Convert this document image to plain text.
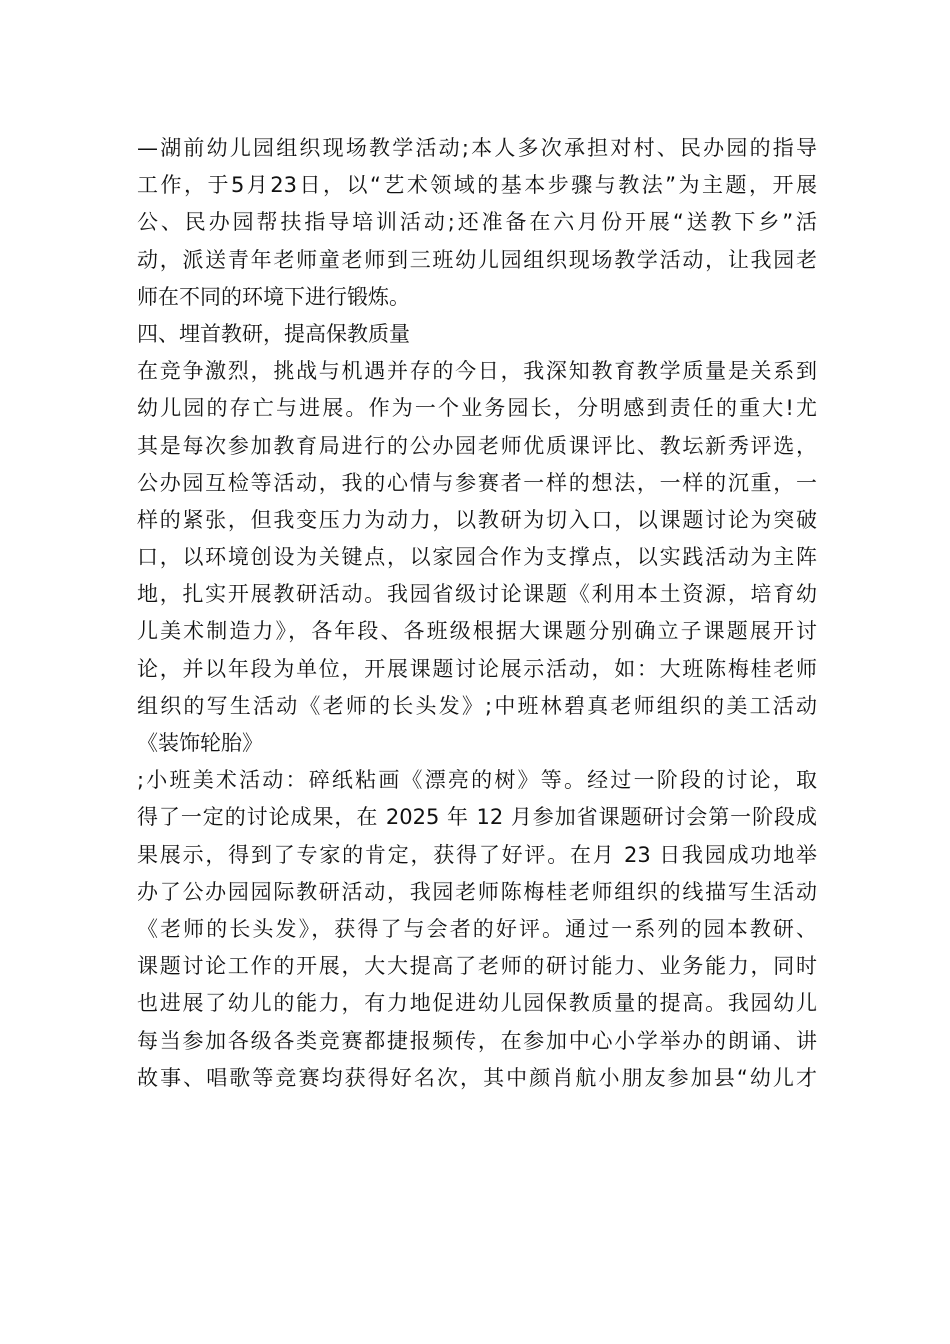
—湖前幼儿园组织现场教学活动;本人多次承担对村、民办园的指导
工作，于5月23日，以“艺术领域的基本步骤与教法”为主题，开展
公、民办园帮扶指导培训活动;还准备在六月份开展“送教下乡”活
动，派送青年老师童老师到三班幼儿园组织现场教学活动，让我园老
师在不同的环境下进行锻炼。
四、埋首教研，提高保教质量
在竞争激烈，挑战与机遇并存的今日，我深知教育教学质量是关系到
幼儿园的存亡与进展。作为一个业务园长，分明感到责任的重大!尤
其是每次参加教育局进行的公办园老师优质课评比、教坛新秀评选，
公办园互检等活动，我的心情与参赛者一样的想法，一样的沉重，一
样的紧张，但我变压力为动力，以教研为切入口，以课题讨论为突破
口，以环境创设为关键点，以家园合作为支撑点，以实践活动为主阵
地，扎实开展教研活动。我园省级讨论课题《利用本土资源，培育幼
儿美术制造力》，各年段、各班级根据大课题分别确立子课题展开讨
论，并以年段为单位，开展课题讨论展示活动，如：大班陈梅桂老师
组织的写生活动《老师的长头发》;中班林碧真老师组织的美工活动
《装饰轮胎》
;小班美术活动：碎纸粘画《漂亮的树》等。经过一阶段的讨论，取
得了一定的讨论成果，在 2025 年 12 月参加省课题研讨会第一阶段成
果展示，得到了专家的肯定，获得了好评。在月 23 日我园成功地举
办了公办园园际教研活动，我园老师陈梅桂老师组织的线描写生活动
《老师的长头发》，获得了与会者的好评。通过一系列的园本教研、
课题讨论工作的开展，大大提高了老师的研讨能力、业务能力，同时
也进展了幼儿的能力，有力地促进幼儿园保教质量的提高。我园幼儿
每当参加各级各类竞赛都捷报频传，在参加中心小学举办的朗诵、讲
故事、唱歌等竞赛均获得好名次，其中颜肖航小朋友参加县“幼儿才
